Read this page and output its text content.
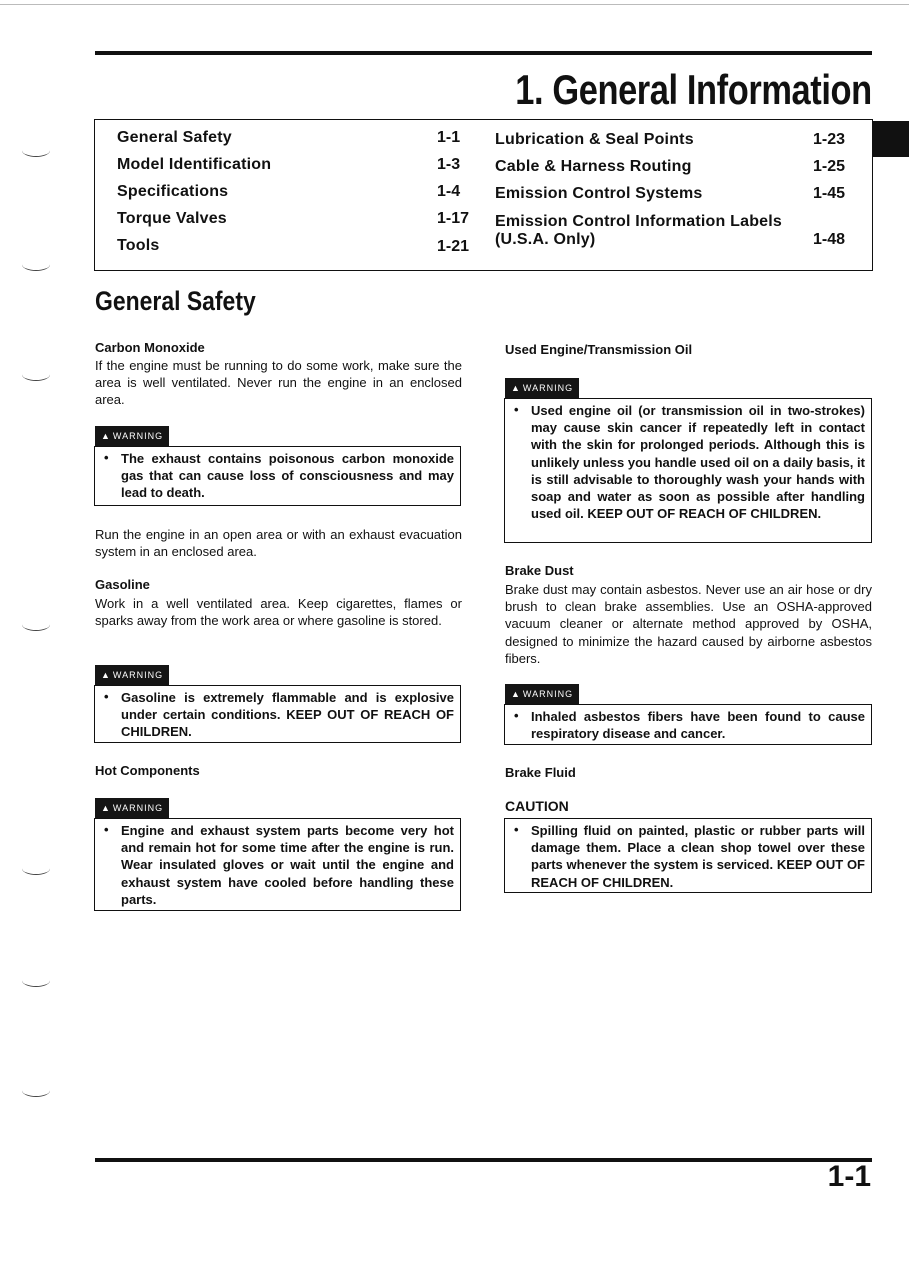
1. General Information
General Safety	1-1
Model Identification	1-3
Specifications	1-4
Torque Valves	1-17
Tools	1-21
Lubrication & Seal Points	1-23
Cable & Harness Routing	1-25
Emission Control Systems	1-45
Emission Control Information Labels
(U.S.A. Only)	1-48
General Safety
Carbon Monoxide
If the engine must be running to do some work, make sure the area is well ventilated. Never run the engine in an enclosed area.
▲ WARNING
• The exhaust contains poisonous carbon monoxide gas that can cause loss of consciousness and may lead to death.
Run the engine in an open area or with an exhaust evacuation system in an enclosed area.
Gasoline
Work in a well ventilated area. Keep cigarettes, flames or sparks away from the work area or where gasoline is stored.
▲ WARNING
• Gasoline is extremely flammable and is explosive under certain conditions. KEEP OUT OF REACH OF CHILDREN.
Hot Components
▲ WARNING
• Engine and exhaust system parts become very hot and remain hot for some time after the engine is run. Wear insulated gloves or wait until the engine and exhaust system have cooled before handling these parts.
Used Engine/Transmission Oil
▲ WARNING
• Used engine oil (or transmission oil in two-strokes) may cause skin cancer if repeatedly left in contact with the skin for prolonged periods. Although this is unlikely unless you handle used oil on a daily basis, it is still advisable to thoroughly wash your hands with soap and water as soon as possible after handling used oil. KEEP OUT OF REACH OF CHILDREN.
Brake Dust
Brake dust may contain asbestos. Never use an air hose or dry brush to clean brake assemblies. Use an OSHA-approved vacuum cleaner or alternate method approved by OSHA, designed to minimize the hazard caused by airborne asbestos fibers.
▲ WARNING
• Inhaled asbestos fibers have been found to cause respiratory disease and cancer.
Brake Fluid
CAUTION
• Spilling fluid on painted, plastic or rubber parts will damage them. Place a clean shop towel over these parts whenever the system is serviced. KEEP OUT OF REACH OF CHILDREN.
1-1
